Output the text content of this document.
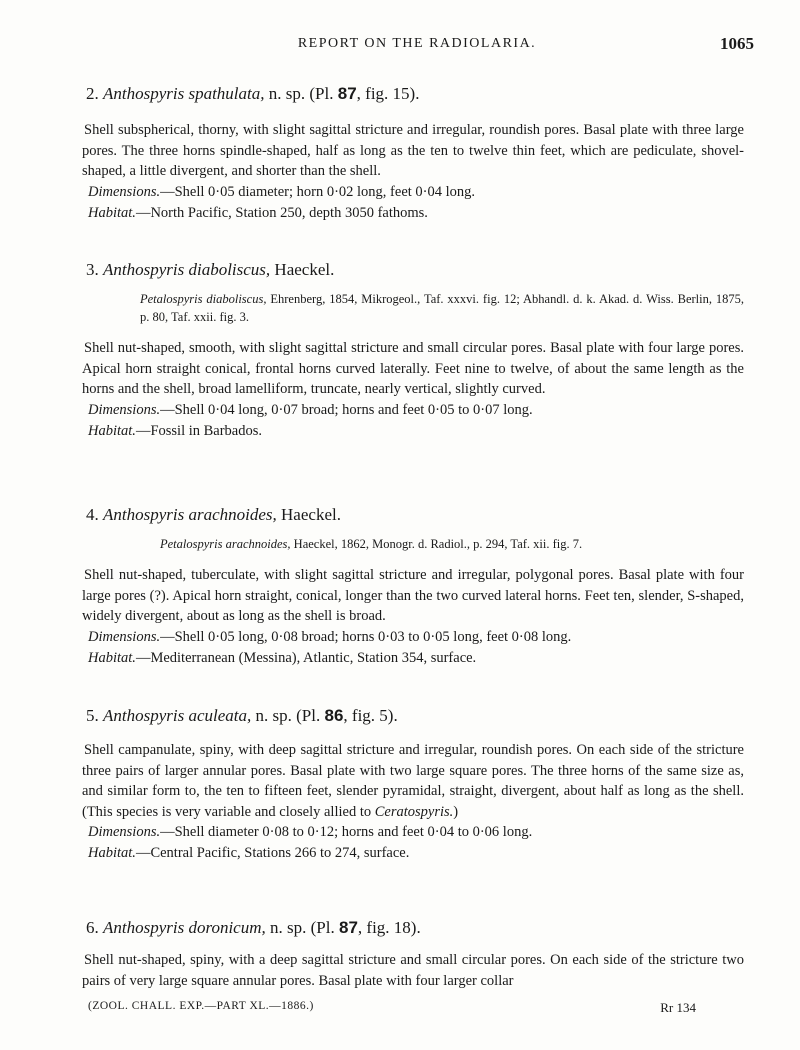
REPORT ON THE RADIOLARIA.	1065

2. Anthospyris spathulata, n. sp. (Pl. 87, fig. 15).

Shell subspherical, thorny, with slight sagittal stricture and irregular, roundish pores. Basal plate with three large pores. The three horns spindle-shaped, half as long as the ten to twelve thin feet, which are pediculate, shovel-shaped, a little divergent, and shorter than the shell.

Dimensions.—Shell 0·05 diameter; horn 0·02 long, feet 0·04 long.

Habitat.—North Pacific, Station 250, depth 3050 fathoms.

3. Anthospyris diaboliscus, Haeckel.

Petalospyris diaboliscus, Ehrenberg, 1854, Mikrogeol., Taf. xxxvi. fig. 12; Abhandl. d. k. Akad. d. Wiss. Berlin, 1875, p. 80, Taf. xxii. fig. 3.

Shell nut-shaped, smooth, with slight sagittal stricture and small circular pores. Basal plate with four large pores. Apical horn straight conical, frontal horns curved laterally. Feet nine to twelve, of about the same length as the horns and the shell, broad lamelliform, truncate, nearly vertical, slightly curved.

Dimensions.—Shell 0·04 long, 0·07 broad; horns and feet 0·05 to 0·07 long.

Habitat.—Fossil in Barbados.

4. Anthospyris arachnoides, Haeckel.

Petalospyris arachnoides, Haeckel, 1862, Monogr. d. Radiol., p. 294, Taf. xii. fig. 7.

Shell nut-shaped, tuberculate, with slight sagittal stricture and irregular, polygonal pores. Basal plate with four large pores (?). Apical horn straight, conical, longer than the two curved lateral horns. Feet ten, slender, S-shaped, widely divergent, about as long as the shell is broad.

Dimensions.—Shell 0·05 long, 0·08 broad; horns 0·03 to 0·05 long, feet 0·08 long.

Habitat.—Mediterranean (Messina), Atlantic, Station 354, surface.

5. Anthospyris aculeata, n. sp. (Pl. 86, fig. 5).

Shell campanulate, spiny, with deep sagittal stricture and irregular, roundish pores. On each side of the stricture three pairs of larger annular pores. Basal plate with two large square pores. The three horns of the same size as, and similar form to, the ten to fifteen feet, slender pyramidal, straight, divergent, about half as long as the shell. (This species is very variable and closely allied to Ceratospyris.)

Dimensions.—Shell diameter 0·08 to 0·12; horns and feet 0·04 to 0·06 long.

Habitat.—Central Pacific, Stations 266 to 274, surface.

6. Anthospyris doronicum, n. sp. (Pl. 87, fig. 18).

Shell nut-shaped, spiny, with a deep sagittal stricture and small circular pores. On each side of the stricture two pairs of very large square annular pores. Basal plate with four larger collar

(ZOOL. CHALL. EXP.—PART XL.—1886.)	Rr 134
